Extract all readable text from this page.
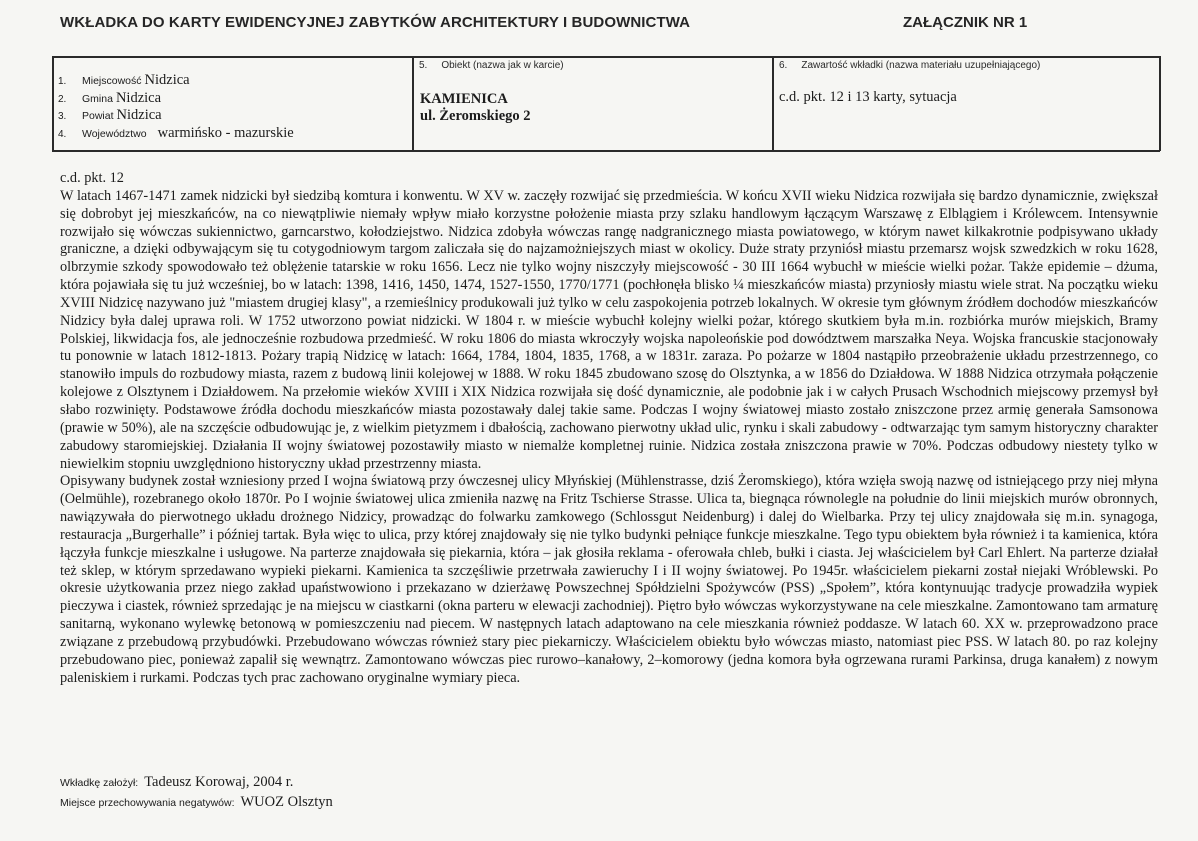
WKŁADKA DO KARTY EWIDENCYJNEJ ZABYTKÓW ARCHITEKTURY I BUDOWNICTWA	ZAŁĄCZNIK NR 1
1.	Miejscowość Nidzica
2.	Gmina Nidzica
3.	Powiat Nidzica
4.	Województwo warmińsko - mazurskie
5. Obiekt (nazwa jak w karcie)
KAMIENICA
ul. Żeromskiego 2
6. Zawartość wkładki (nazwa materiału uzupełniającego)
c.d. pkt. 12 i 13 karty, sytuacja
c.d. pkt. 12

W latach 1467-1471 zamek nidzicki był siedzibą komtura i konwentu. W XV w. zaczęły rozwijać się przedmieścia. W końcu XVII wieku Nidzica rozwijała się bardzo dynamicznie, zwiększał się dobrobyt jej mieszkańców, na co niewątpliwie niemały wpływ miało korzystne położenie miasta przy szlaku handlowym łączącym Warszawę z Elblągiem i Królewcem. Intensywnie rozwijało się wówczas sukiennictwo, garncarstwo, kołodziejstwo. Nidzica zdobyła wówczas rangę nadgranicznego miasta powiatowego, w którym nawet kilkakrotnie podpisywano układy graniczne, a dzięki odbywającym się tu cotygodniowym targom zaliczała się do najzamożniejszych miast w okolicy. Duże straty przyniósł miastu przemarsz wojsk szwedzkich w roku 1628, olbrzymie szkody spowodowało też oblężenie tatarskie w roku 1656. Lecz nie tylko wojny niszczyły miejscowość - 30 III 1664 wybuchł w mieście wielki pożar. Także epidemie – dżuma, która pojawiała się tu już wcześniej, bo w latach: 1398, 1416, 1450, 1474, 1527-1550, 1770/1771 (pochłonęła blisko ¼ mieszkańców miasta) przyniosły miastu wiele strat. Na początku wieku XVIII Nidzicę nazywano już "miastem drugiej klasy", a rzemieślnicy produkowali już tylko w celu zaspokojenia potrzeb lokalnych. W okresie tym głównym źródłem dochodów mieszkańców Nidzicy była dalej uprawa roli. W 1752 utworzono powiat nidzicki. W 1804 r. w mieście wybuchł kolejny wielki pożar, którego skutkiem była m.in. rozbiórka murów miejskich, Bramy Polskiej, likwidacja fos, ale jednocześnie rozbudowa przedmieść. W roku 1806 do miasta wkroczyły wojska napoleońskie pod dowództwem marszałka Neya. Wojska francuskie stacjonowały tu ponownie w latach 1812-1813. Pożary trapią Nidzicę w latach: 1664, 1784, 1804, 1835, 1768, a w 1831r. zaraza. Po pożarze w 1804 nastąpiło przeobrażenie układu przestrzennego, co stanowiło impuls do rozbudowy miasta, razem z budową linii kolejowej w 1888. W roku 1845 zbudowano szosę do Olsztynka, a w 1856 do Działdowa. W 1888 Nidzica otrzymała połączenie kolejowe z Olsztynem i Działdowem. Na przełomie wieków XVIII i XIX Nidzica rozwijała się dość dynamicznie, ale podobnie jak i w całych Prusach Wschodnich miejscowy przemysł był słabo rozwinięty. Podstawowe źródła dochodu mieszkańców miasta pozostawały dalej takie same. Podczas I wojny światowej miasto zostało zniszczone przez armię generała Samsonowa (prawie w 50%), ale na szczęście odbudowując je, z wielkim pietyzmem i dbałością, zachowano pierwotny układ ulic, rynku i skali zabudowy - odtwarzając tym samym historyczny charakter zabudowy staromiejskiej. Działania II wojny światowej pozostawiły miasto w niemalże kompletnej ruinie. Nidzica została zniszczona prawie w 70%. Podczas odbudowy niestety tylko w niewielkim stopniu uwzględniono historyczny układ przestrzenny miasta.

Opisywany budynek został wzniesiony przed I wojna światową przy ówczesnej ulicy Młyńskiej (Mühlenstrasse, dziś Żeromskiego), która wzięła swoją nazwę od istniejącego przy niej młyna (Oelmühle), rozebranego około 1870r. Po I wojnie światowej ulica zmieniła nazwę na Fritz Tschierse Strasse. Ulica ta, biegnąca równolegle na południe do linii miejskich murów obronnych, nawiązywała do pierwotnego układu drożnego Nidzicy, prowadząc do folwarku zamkowego (Schlossgut Neidenburg) i dalej do Wielbarka. Przy tej ulicy znajdowała się m.in. synagoga, restauracja „Burgerhalle” i później tartak. Była więc to ulica, przy której znajdowały się nie tylko budynki pełniące funkcje mieszkalne. Tego typu obiektem była również i ta kamienica, która łączyła funkcje mieszkalne i usługowe. Na parterze znajdowała się piekarnia, która – jak głosiła reklama - oferowała chleb, bułki i ciasta. Jej właścicielem był Carl Ehlert. Na parterze działał też sklep, w którym sprzedawano wypieki piekarni. Kamienica ta szczęśliwie przetrwała zawieruchy I i II wojny światowej. Po 1945r. właścicielem piekarni został niejaki Wróblewski. Po okresie użytkowania przez niego zakład upaństwowiono i przekazano w dzierżawę Powszechnej Spółdzielni Spożywców (PSS) „Społem”, która kontynuując tradycje prowadziła wypiek pieczywa i ciastek, również sprzedając je na miejscu w ciastkarni (okna parteru w elewacji zachodniej). Piętro było wówczas wykorzystywane na cele mieszkalne. Zamontowano tam armaturę sanitarną, wykonano wylewkę betonową w pomieszczeniu nad piecem. W następnych latach adaptowano na cele mieszkania również poddasze. W latach 60. XX w. przeprowadzono prace związane z przebudową przybudówki. Przebudowano wówczas również stary piec piekarniczy. Właścicielem obiektu było wówczas miasto, natomiast piec PSS. W latach 80. po raz kolejny przebudowano piec, ponieważ zapalił się wewnątrz. Zamontowano wówczas piec rurowo–kanałowy, 2–komorowy (jedna komora była ogrzewana rurami Parkinsa, druga kanałem) z nowym paleniskiem i rurkami. Podczas tych prac zachowano oryginalne wymiary pieca.

Wkładkę założył: Tadeusz Korowaj, 2004 r.
Miejsce przechowywania negatywów: WUOZ Olsztyn
